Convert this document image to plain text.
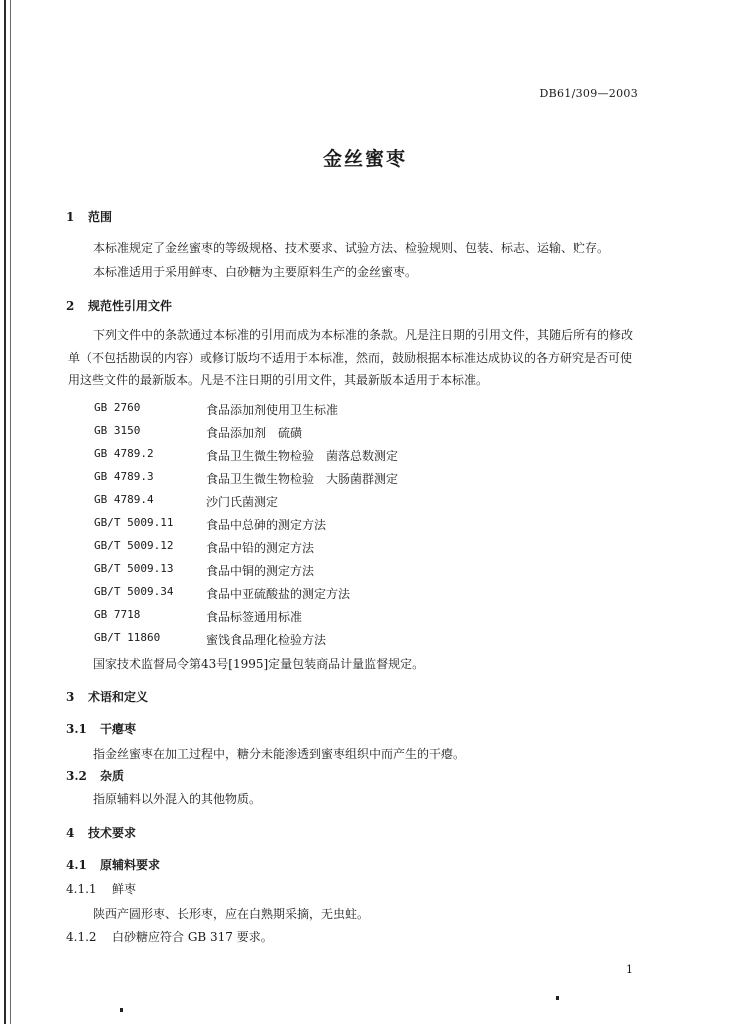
DB61/309—2003
金丝蜜枣
1 范围
本标准规定了金丝蜜枣的等级规格、技术要求、试验方法、检验规则、包装、标志、运输、贮存。
本标准适用于采用鲜枣、白砂糖为主要原料生产的金丝蜜枣。
2 规范性引用文件
下列文件中的条款通过本标准的引用而成为本标准的条款。凡是注日期的引用文件，其随后所有的修改单（不包括勘误的内容）或修订版均不适用于本标准，然而，鼓励根据本标准达成协议的各方研究是否可使用这些文件的最新版本。凡是不注日期的引用文件，其最新版本适用于本标准。
GB 2760	食品添加剂使用卫生标准
GB 3150	食品添加剂　硫磺
GB 4789.2	食品卫生微生物检验　菌落总数测定
GB 4789.3	食品卫生微生物检验　大肠菌群测定
GB 4789.4	沙门氏菌测定
GB/T 5009.11	食品中总砷的测定方法
GB/T 5009.12	食品中铅的测定方法
GB/T 5009.13	食品中铜的测定方法
GB/T 5009.34	食品中亚硫酸盐的测定方法
GB 7718	食品标签通用标准
GB/T 11860	蜜饯食品理化检验方法
国家技术监督局令第43号[1995]定量包装商品计量监督规定。
3 术语和定义
3.1 干瘪枣
指金丝蜜枣在加工过程中，糖分未能渗透到蜜枣组织中而产生的干瘪。
3.2 杂质
指原辅料以外混入的其他物质。
4 技术要求
4.1 原辅料要求
4.1.1 鲜枣
陕西产圆形枣、长形枣，应在白熟期采摘，无虫蛀。
4.1.2 白砂糖应符合 GB 317 要求。
1
